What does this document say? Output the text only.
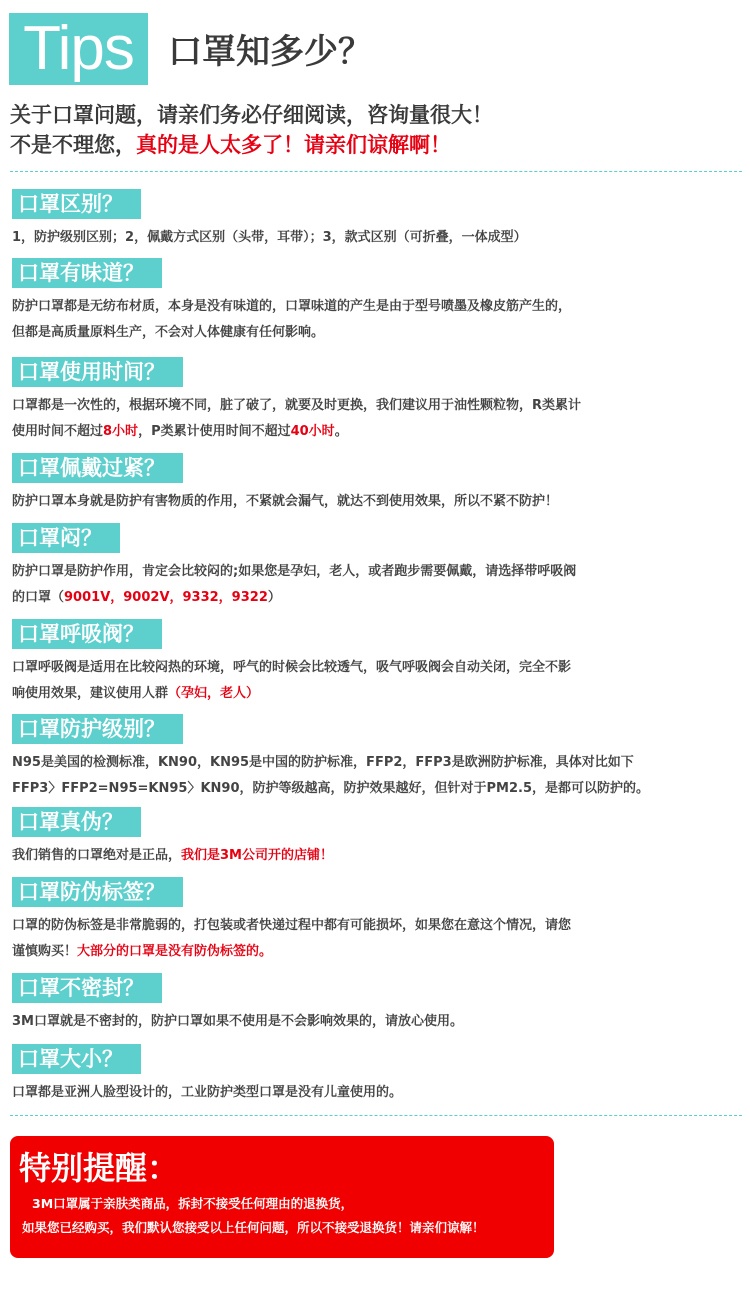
Tips	口罩知多少？
关于口罩问题，请亲们务必仔细阅读，咨询量很大！
不是不理您，真的是人太多了！请亲们谅解啊！
口罩区别？
1，防护级别区别；2，佩戴方式区别（头带，耳带）；3，款式区别（可折叠，一体成型）
口罩有味道？
防护口罩都是无纺布材质，本身是没有味道的，口罩味道的产生是由于型号喷墨及橡皮筋产生的，
但都是高质量原料生产，不会对人体健康有任何影响。
口罩使用时间？
口罩都是一次性的，根据环境不同，脏了破了，就要及时更换，我们建议用于油性颗粒物，R类累计
使用时间不超过8小时，P类累计使用时间不超过40小时。
口罩佩戴过紧？
防护口罩本身就是防护有害物质的作用，不紧就会漏气，就达不到使用效果，所以不紧不防护！
口罩闷？
防护口罩是防护作用，肯定会比较闷的;如果您是孕妇，老人，或者跑步需要佩戴，请选择带呼吸阀
的口罩（9001V，9002V，9332，9322）
口罩呼吸阀？
口罩呼吸阀是适用在比较闷热的环境，呼气的时候会比较透气，吸气呼吸阀会自动关闭，完全不影
响使用效果，建议使用人群（孕妇，老人）
口罩防护级别？
N95是美国的检测标准，KN90，KN95是中国的防护标准，FFP2，FFP3是欧洲防护标准，具体对比如下
FFP3〉FFP2=N95=KN95〉KN90，防护等级越高，防护效果越好，但针对于PM2.5，是都可以防护的。
口罩真伪？
我们销售的口罩绝对是正品，我们是3M公司开的店铺！
口罩防伪标签？
口罩的防伪标签是非常脆弱的，打包装或者快递过程中都有可能损坏，如果您在意这个情况，请您
谨慎购买！大部分的口罩是没有防伪标签的。
口罩不密封？
3M口罩就是不密封的，防护口罩如果不使用是不会影响效果的，请放心使用。
口罩大小？
口罩都是亚洲人脸型设计的，工业防护类型口罩是没有儿童使用的。
特别提醒：
3M口罩属于亲肤类商品，拆封不接受任何理由的退换货，
如果您已经购买，我们默认您接受以上任何问题，所以不接受退换货！请亲们谅解！
